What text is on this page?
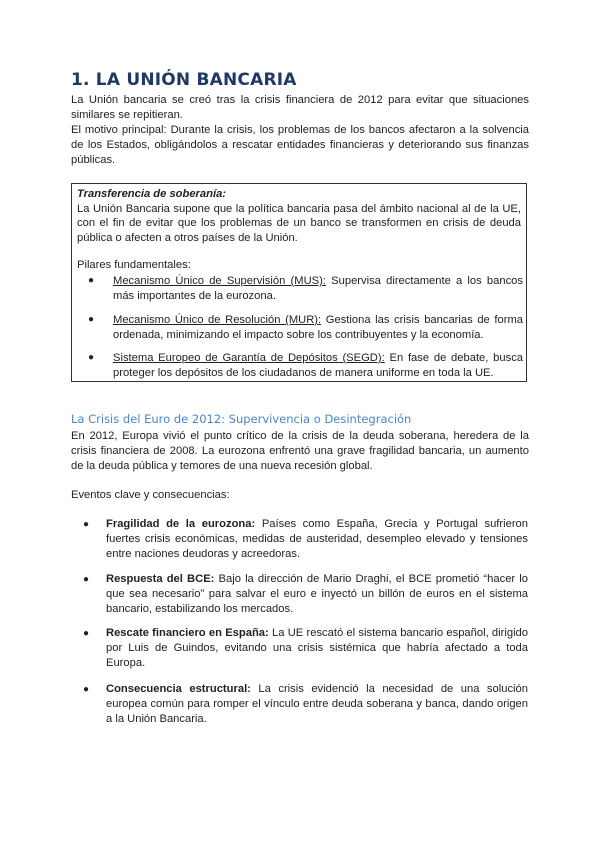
1. LA UNIÓN BANCARIA
La Unión bancaria se creó tras la crisis financiera de 2012 para evitar que situaciones similares se repitieran.
El motivo principal: Durante la crisis, los problemas de los bancos afectaron a la solvencia de los Estados, obligándolos a rescatar entidades financieras y deteriorando sus finanzas públicas.
Transferencia de soberanía:
La Unión Bancaria supone que la política bancaria pasa del ámbito nacional al de la UE, con el fin de evitar que los problemas de un banco se transformen en crisis de deuda pública o afecten a otros países de la Unión.
Pilares fundamentales:
● Mecanismo Único de Supervisión (MUS): Supervisa directamente a los bancos más importantes de la eurozona.
● Mecanismo Único de Resolución (MUR): Gestiona las crisis bancarias de forma ordenada, minimizando el impacto sobre los contribuyentes y la economía.
● Sistema Europeo de Garantía de Depósitos (SEGD): En fase de debate, busca proteger los depósitos de los ciudadanos de manera uniforme en toda la UE.
La Crisis del Euro de 2012: Supervivencia o Desintegración
En 2012, Europa vivió el punto crítico de la crisis de la deuda soberana, heredera de la crisis financiera de 2008. La eurozona enfrentó una grave fragilidad bancaria, un aumento de la deuda pública y temores de una nueva recesión global.
Eventos clave y consecuencias:
● Fragilidad de la eurozona: Países como España, Grecia y Portugal sufrieron fuertes crisis económicas, medidas de austeridad, desempleo elevado y tensiones entre naciones deudoras y acreedoras.
● Respuesta del BCE: Bajo la dirección de Mario Draghi, el BCE prometió “hacer lo que sea necesario” para salvar el euro e inyectó un billón de euros en el sistema bancario, estabilizando los mercados.
● Rescate financiero en España: La UE rescató el sistema bancario español, dirigido por Luis de Guindos, evitando una crisis sistémica que habría afectado a toda Europa.
● Consecuencia estructural: La crisis evidenció la necesidad de una solución europea común para romper el vínculo entre deuda soberana y banca, dando origen a la Unión Bancaria.
